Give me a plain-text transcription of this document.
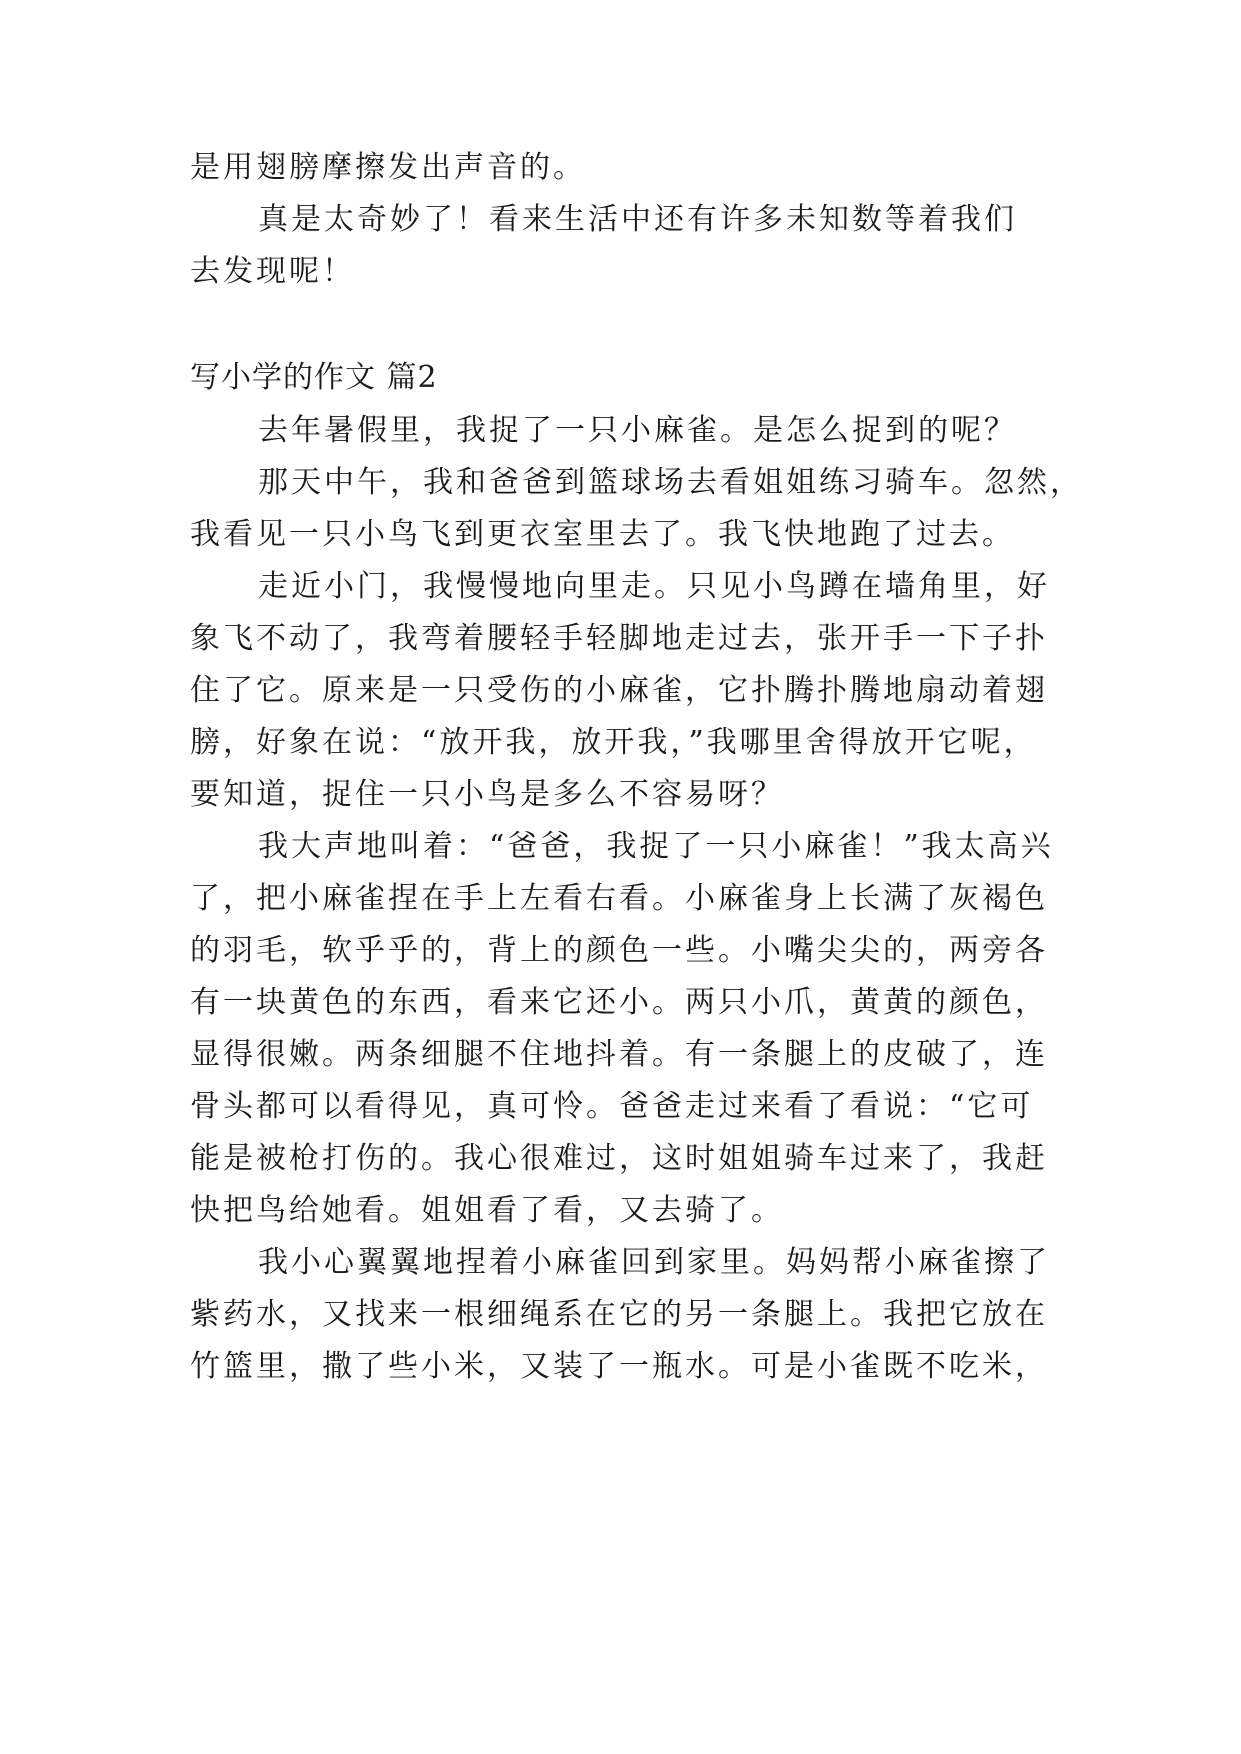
是用翅膀摩擦发出声音的。
真是太奇妙了！看来生活中还有许多未知数等着我们
去发现呢！
写小学的作文 篇2
去年暑假里，我捉了一只小麻雀。是怎么捉到的呢？
那天中午，我和爸爸到篮球场去看姐姐练习骑车。忽然，
我看见一只小鸟飞到更衣室里去了。我飞快地跑了过去。
走近小门，我慢慢地向里走。只见小鸟蹲在墙角里，好
象飞不动了，我弯着腰轻手轻脚地走过去，张开手一下子扑
住了它。原来是一只受伤的小麻雀，它扑腾扑腾地扇动着翅
膀，好象在说：“放开我，放开我，”我哪里舍得放开它呢，
要知道，捉住一只小鸟是多么不容易呀？
我大声地叫着：“爸爸，我捉了一只小麻雀！”我太高兴
了，把小麻雀捏在手上左看右看。小麻雀身上长满了灰褐色
的羽毛，软乎乎的，背上的颜色一些。小嘴尖尖的，两旁各
有一块黄色的东西，看来它还小。两只小爪，黄黄的颜色，
显得很嫩。两条细腿不住地抖着。有一条腿上的皮破了，连
骨头都可以看得见，真可怜。爸爸走过来看了看说：“它可
能是被枪打伤的。我心很难过，这时姐姐骑车过来了，我赶
快把鸟给她看。姐姐看了看，又去骑了。
我小心翼翼地捏着小麻雀回到家里。妈妈帮小麻雀擦了
紫药水，又找来一根细绳系在它的另一条腿上。我把它放在
竹篮里，撒了些小米，又装了一瓶水。可是小雀既不吃米，
